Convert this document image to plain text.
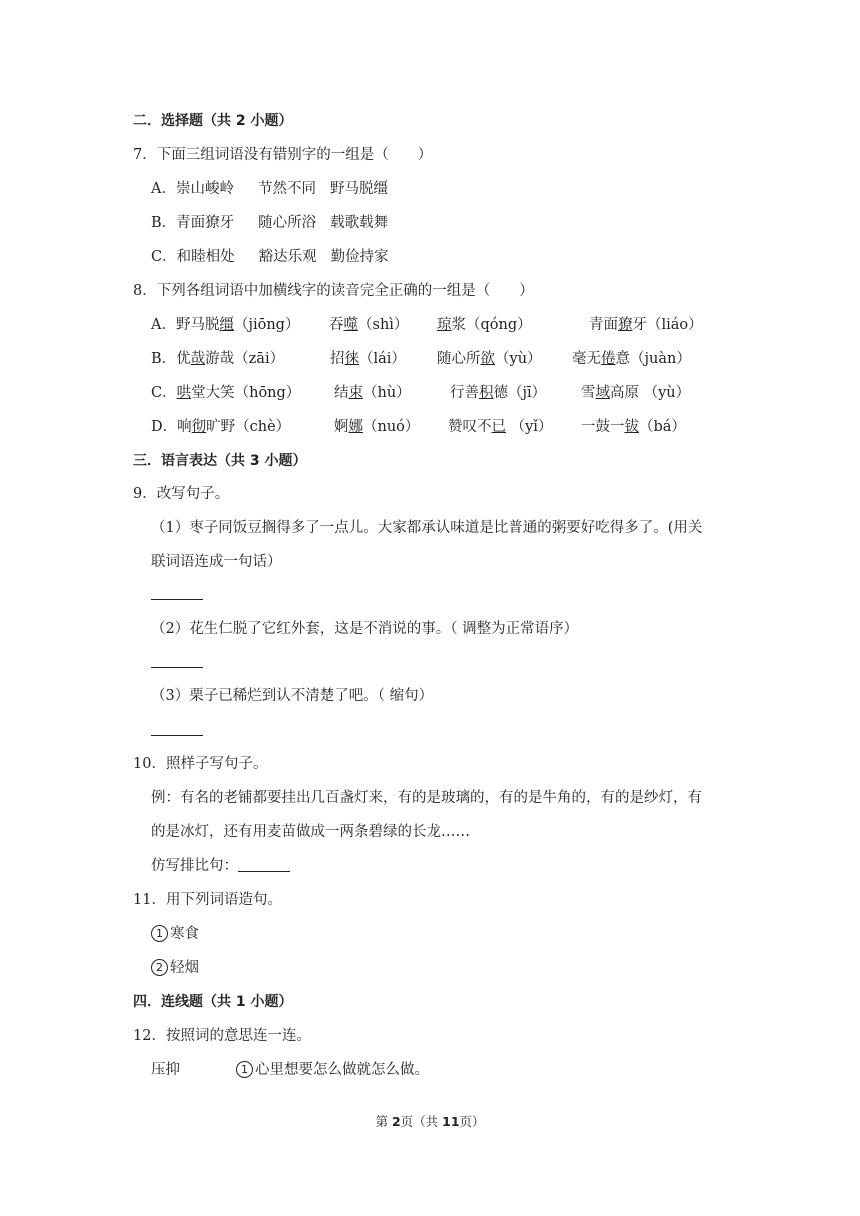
二．选择题（共 2 小题）
7．下面三组词语没有错别字的一组是（　　）
A．崇山峻岭 节然不同 野马脱缰
B．青面獠牙 随心所浴 载歌载舞
C．和睦相处 豁达乐观 勤俭持家
8．下列各组词语中加横线字的读音完全正确的一组是（　　）
A．野马脱缰（jiōng） 吞噬（shì） 琼浆（qóng）	青面獠牙（liáo）
B．优哉游哉（zāi）	招徕（lái） 随心所欲（yù） 毫无倦意（juàn）
C．哄堂大笑（hōng） 结束（hù）	行善积德（jī） 雪域高原 （yù）
D．响彻旷野（chè）	婀娜（nuó） 赞叹不已 （yǐ） 一鼓一钹（bá）
三．语言表达（共 3 小题）
9．改写句子。
（1）枣子同饭豆搁得多了一点儿。大家都承认味道是比普通的粥要好吃得多了。(用关
联词语连成一句话）
（2）花生仁脱了它红外套，这是不消说的事。（ 调整为正常语序）
（3）栗子已稀烂到认不清楚了吧。（ 缩句）
10．照样子写句子。
例：有名的老铺都要挂出几百盏灯来，有的是玻璃的，有的是牛角的，有的是纱灯，有
的是冰灯，还有用麦苗做成一两条碧绿的长龙……
仿写排比句：
11．用下列词语造句。
1 寒食
2 轻烟
四．连线题（共 1 小题）
12．按照词的意思连一连。
压抑	1 心里想要怎么做就怎么做。
第 2页（共 11页）
